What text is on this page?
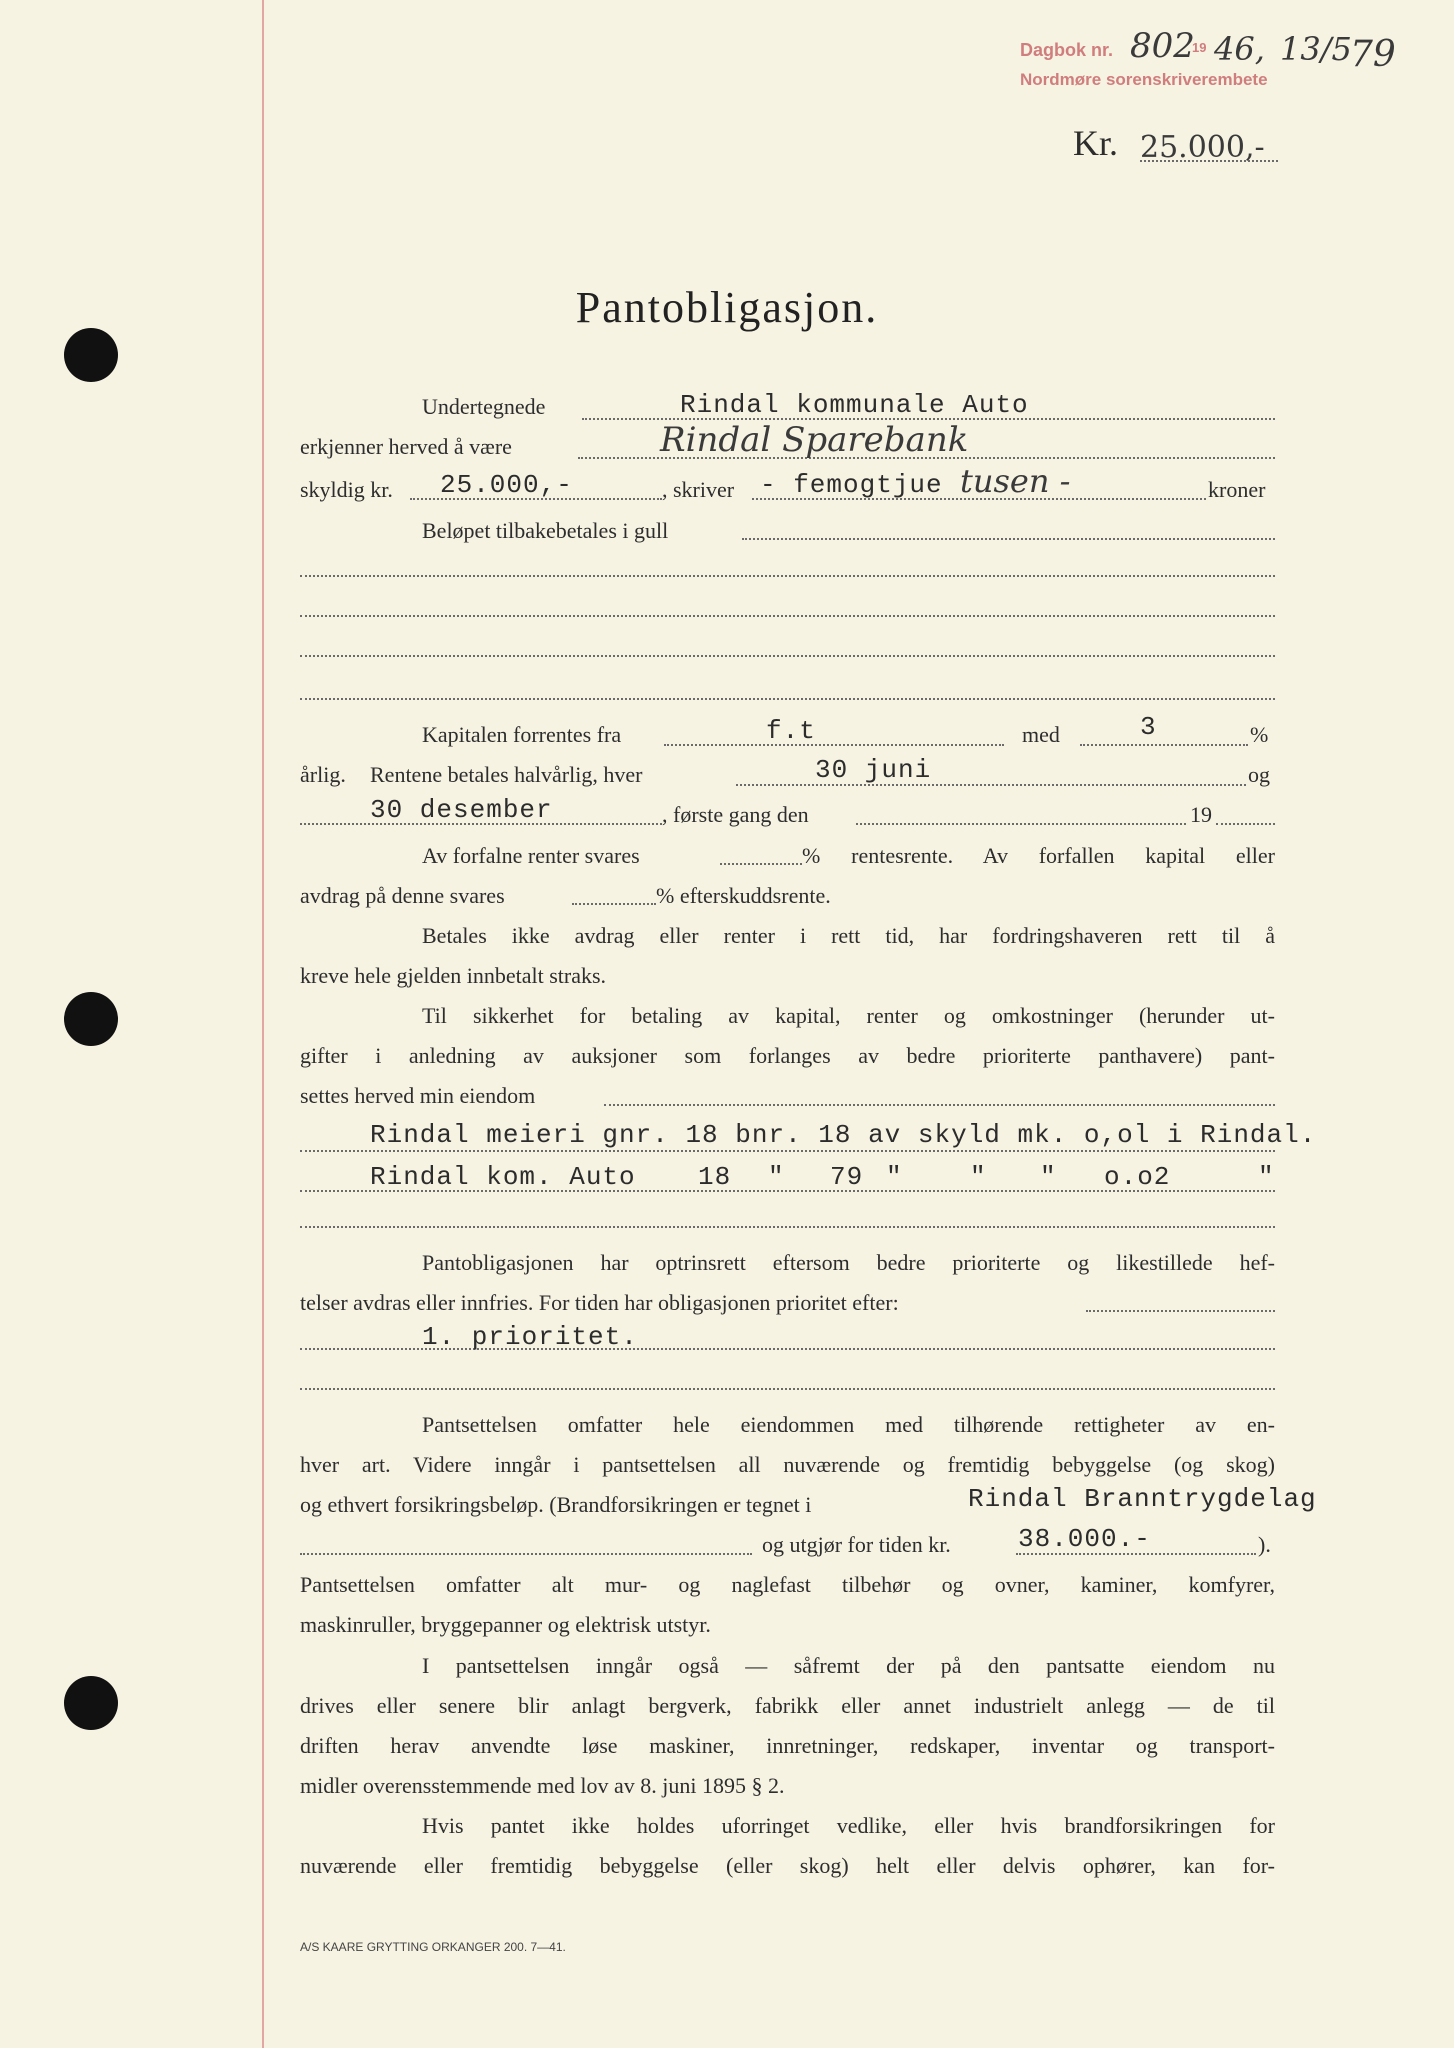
Dagbok nr. 802
19 46, 13/5
79
Nordmøre sorenskriverembete
Kr. 25.000,-
Pantobligasjon.
Undertegnede	Rindal kommunale Auto
erkjenner herved å være	Rindal Sparebank
skyldig kr. 25.000,-	, skriver - femogtjue tusen -	kroner
Beløpet tilbakebetales i gull
Kapitalen forrentes fra	f.t	med	3	%
årlig. Rentene betales halvårlig, hver	30 juni	og
30 desember	, første gang den	19
Av forfalne renter svares	% rentesrente. Av forfallen kapital eller
avdrag på denne svares	% efterskuddsrente.
Betales ikke avdrag eller renter i rett tid, har fordringshaveren rett til å
kreve hele gjelden innbetalt straks.
Til sikkerhet for betaling av kapital, renter og omkostninger (herunder ut-
gifter i anledning av auksjoner som forlanges av bedre prioriterte panthavere) pant-
settes herved min eiendom
Rindal meieri gnr. 18 bnr. 18 av skyld mk. o,ol i Rindal.
Rindal kom. Auto 18 " 79 "	" " o.o2	"
Pantobligasjonen har optrinsrett eftersom bedre prioriterte og likestillede hef-
telser avdras eller innfries. For tiden har obligasjonen prioritet efter:
1. prioritet.
Pantsettelsen omfatter hele eiendommen med tilhørende rettigheter av en-
hver art. Videre inngår i pantsettelsen all nuværende og fremtidig bebyggelse (og skog)
og ethvert forsikringsbeløp. (Brandforsikringen er tegnet i	Rindal Branntrygdelag
og utgjør for tiden kr.	38.000.-	).
Pantsettelsen omfatter alt mur- og naglefast tilbehør og ovner, kaminer, komfyrer,
maskinruller, bryggepanner og elektrisk utstyr.
I pantsettelsen inngår også — såfremt der på den pantsatte eiendom nu
drives eller senere blir anlagt bergverk, fabrikk eller annet industrielt anlegg — de til
driften herav anvendte løse maskiner, innretninger, redskaper, inventar og transport-
midler overensstemmende med lov av 8. juni 1895 § 2.
Hvis pantet ikke holdes uforringet vedlike, eller hvis brandforsikringen for
nuværende eller fremtidig bebyggelse (eller skog) helt eller delvis ophører, kan for-
A/S KAARE GRYTTING ORKANGER 200. 7—41.
